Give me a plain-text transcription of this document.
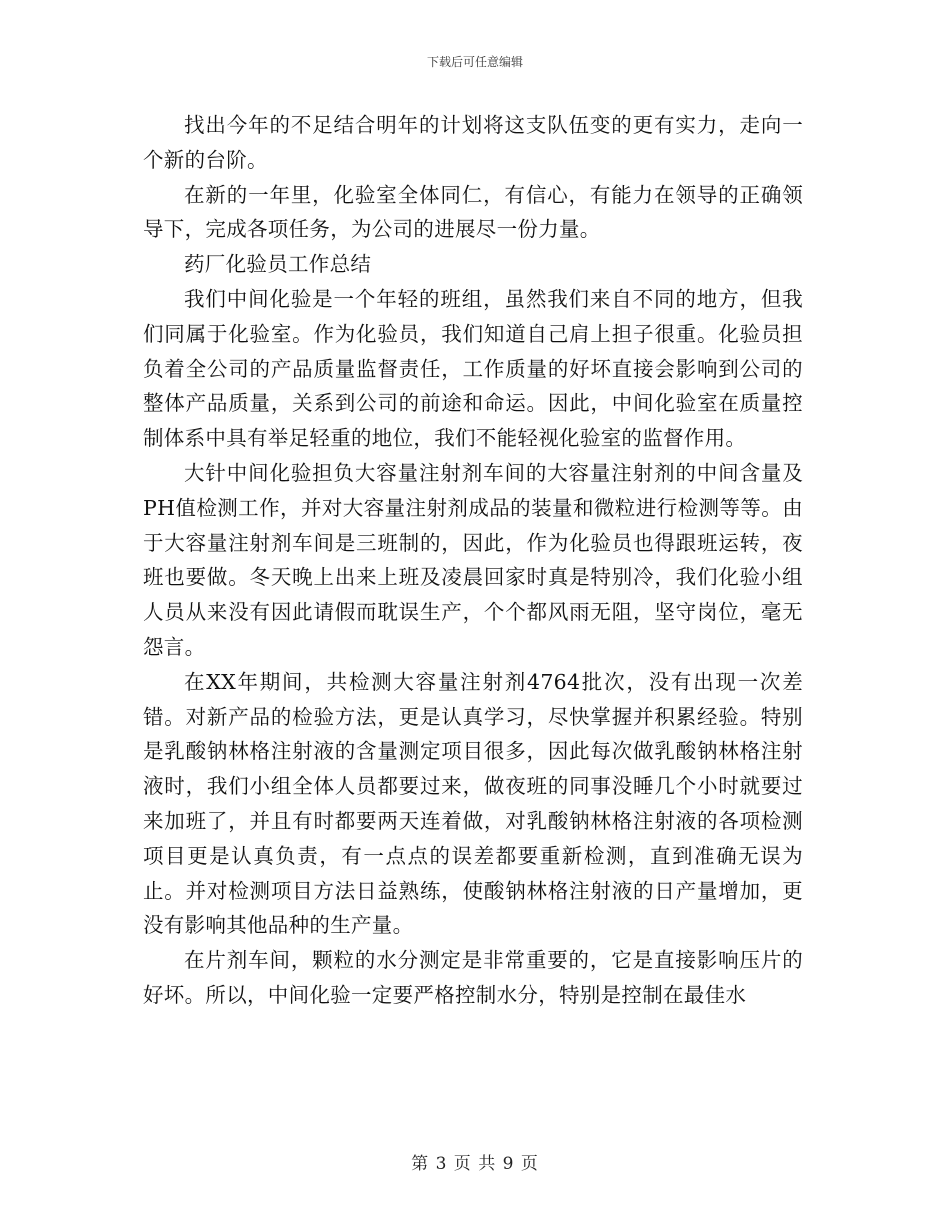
下载后可任意编辑

找出今年的不足结合明年的计划将这支队伍变的更有实力，走向一个新的台阶。

在新的一年里，化验室全体同仁，有信心，有能力在领导的正确领导下，完成各项任务，为公司的进展尽一份力量。

药厂化验员工作总结

我们中间化验是一个年轻的班组，虽然我们来自不同的地方，但我们同属于化验室。作为化验员，我们知道自己肩上担子很重。化验员担负着全公司的产品质量监督责任，工作质量的好坏直接会影响到公司的整体产品质量，关系到公司的前途和命运。因此，中间化验室在质量控制体系中具有举足轻重的地位，我们不能轻视化验室的监督作用。

大针中间化验担负大容量注射剂车间的大容量注射剂的中间含量及PH值检测工作，并对大容量注射剂成品的装量和微粒进行检测等等。由于大容量注射剂车间是三班制的，因此，作为化验员也得跟班运转，夜班也要做。冬天晚上出来上班及凌晨回家时真是特别冷，我们化验小组人员从来没有因此请假而耽误生产，个个都风雨无阻，坚守岗位，毫无怨言。

在XX年期间，共检测大容量注射剂4764批次，没有出现一次差错。对新产品的检验方法，更是认真学习，尽快掌握并积累经验。特别是乳酸钠林格注射液的含量测定项目很多，因此每次做乳酸钠林格注射液时，我们小组全体人员都要过来，做夜班的同事没睡几个小时就要过来加班了，并且有时都要两天连着做，对乳酸钠林格注射液的各项检测项目更是认真负责，有一点点的误差都要重新检测，直到准确无误为止。并对检测项目方法日益熟练，使酸钠林格注射液的日产量增加，更没有影响其他品种的生产量。

在片剂车间，颗粒的水分测定是非常重要的，它是直接影响压片的好坏。所以，中间化验一定要严格控制水分，特别是控制在最佳水

第 3 页 共 9 页
